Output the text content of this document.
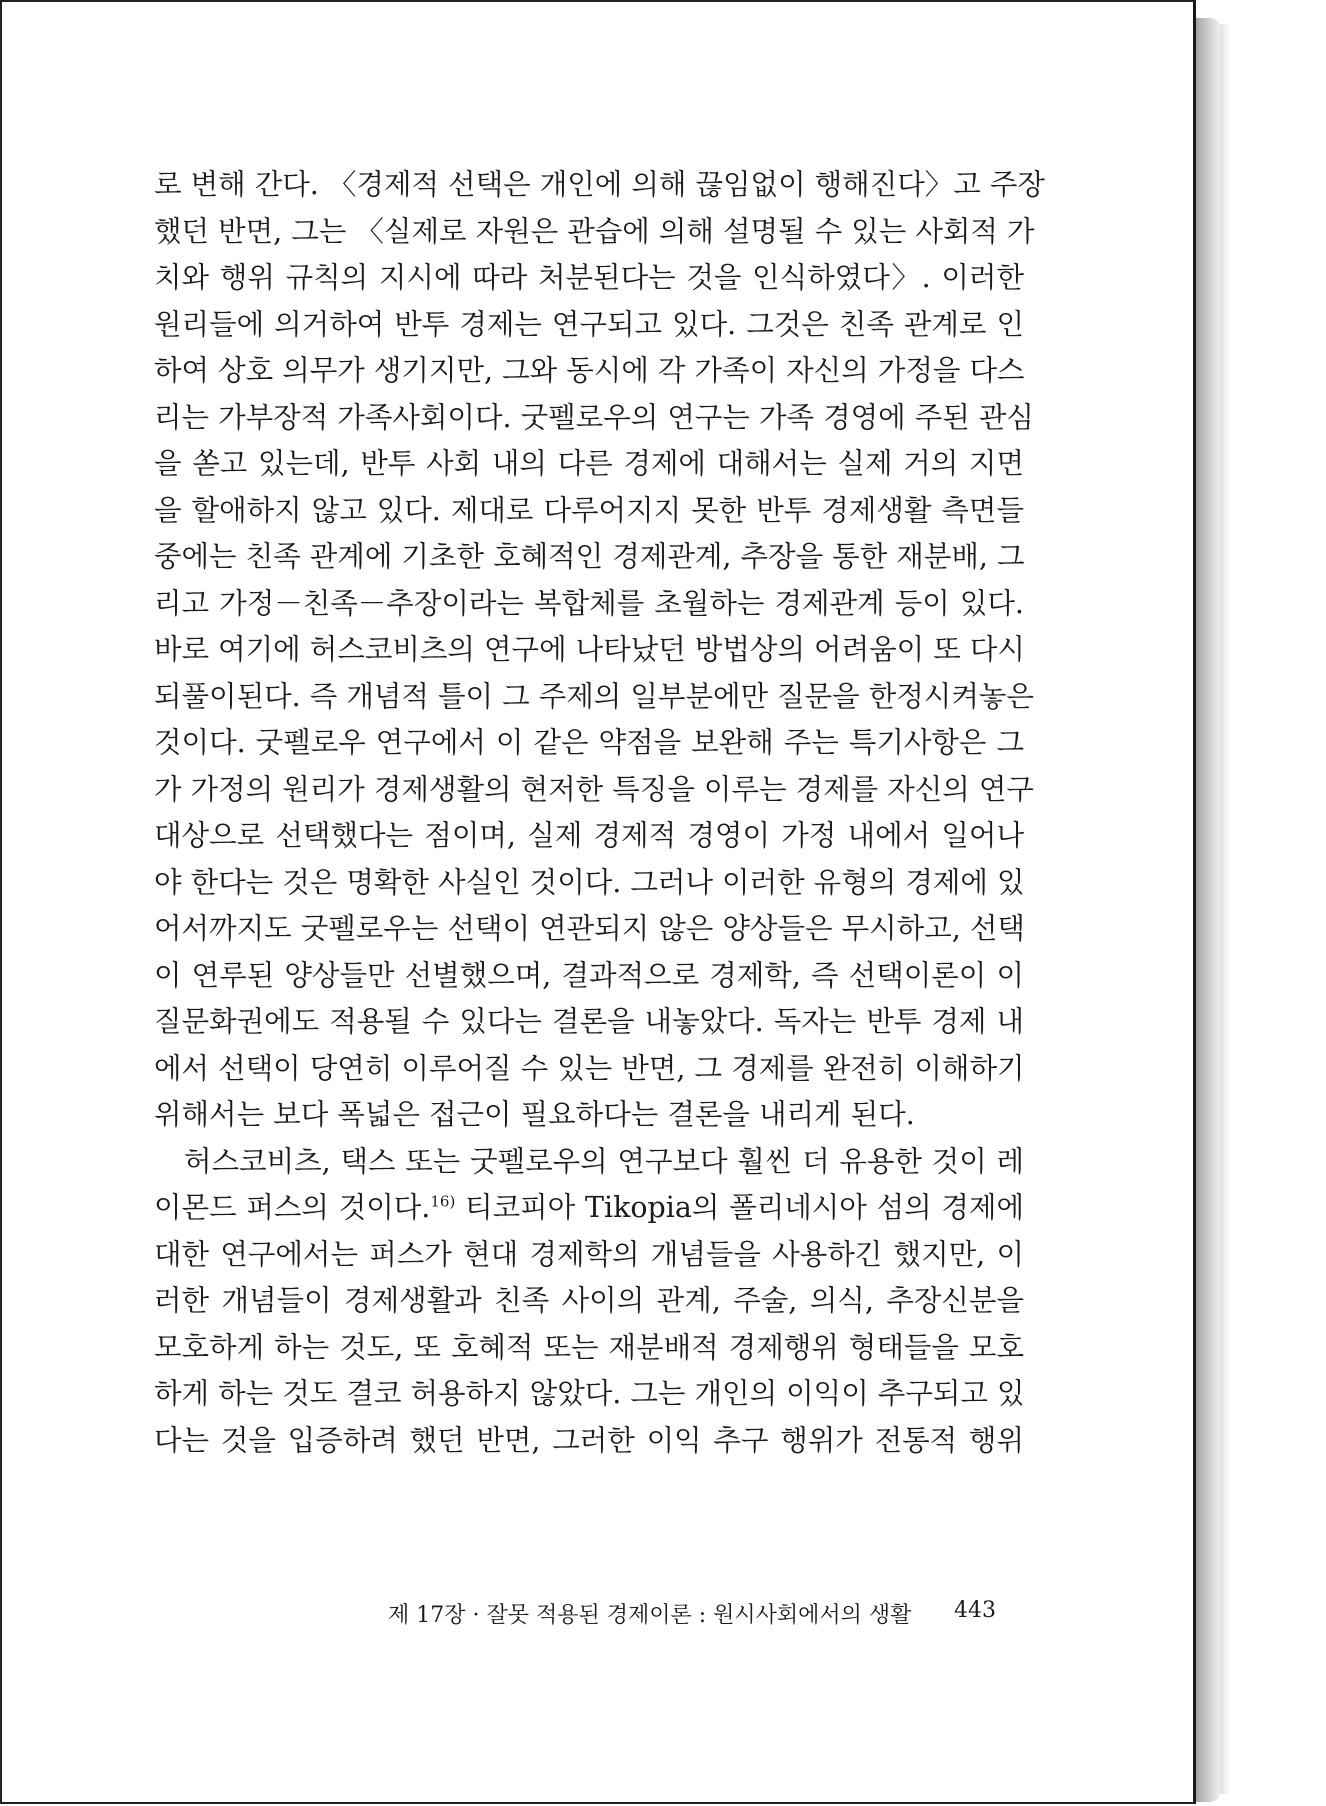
로 변해 간다. 〈경제적 선택은 개인에 의해 끊임없이 행해진다〉고 주장
했던 반면, 그는 〈실제로 자원은 관습에 의해 설명될 수 있는 사회적 가
치와 행위 규칙의 지시에 따라 처분된다는 것을 인식하였다〉. 이러한
원리들에 의거하여 반투 경제는 연구되고 있다. 그것은 친족 관계로 인
하여 상호 의무가 생기지만, 그와 동시에 각 가족이 자신의 가정을 다스
리는 가부장적 가족사회이다. 굿펠로우의 연구는 가족 경영에 주된 관심
을 쏟고 있는데, 반투 사회 내의 다른 경제에 대해서는 실제 거의 지면
을 할애하지 않고 있다. 제대로 다루어지지 못한 반투 경제생활 측면들
중에는 친족 관계에 기초한 호혜적인 경제관계, 추장을 통한 재분배, 그
리고 가정－친족－추장이라는 복합체를 초월하는 경제관계 등이 있다.
바로 여기에 허스코비츠의 연구에 나타났던 방법상의 어려움이 또 다시
되풀이된다. 즉 개념적 틀이 그 주제의 일부분에만 질문을 한정시켜놓은
것이다. 굿펠로우 연구에서 이 같은 약점을 보완해 주는 특기사항은 그
가 가정의 원리가 경제생활의 현저한 특징을 이루는 경제를 자신의 연구
대상으로 선택했다는 점이며, 실제 경제적 경영이 가정 내에서 일어나
야 한다는 것은 명확한 사실인 것이다. 그러나 이러한 유형의 경제에 있
어서까지도 굿펠로우는 선택이 연관되지 않은 양상들은 무시하고, 선택
이 연루된 양상들만 선별했으며, 결과적으로 경제학, 즉 선택이론이 이
질문화권에도 적용될 수 있다는 결론을 내놓았다. 독자는 반투 경제 내
에서 선택이 당연히 이루어질 수 있는 반면, 그 경제를 완전히 이해하기
위해서는 보다 폭넓은 접근이 필요하다는 결론을 내리게 된다.
허스코비츠, 택스 또는 굿펠로우의 연구보다 훨씬 더 유용한 것이 레
이몬드 퍼스의 것이다.$^{16)}$ 티코피아 Tikopia의 폴리네시아 섬의 경제에
대한 연구에서는 퍼스가 현대 경제학의 개념들을 사용하긴 했지만, 이
러한 개념들이 경제생활과 친족 사이의 관계, 주술, 의식, 추장신분을
모호하게 하는 것도, 또 호혜적 또는 재분배적 경제행위 형태들을 모호
하게 하는 것도 결코 허용하지 않았다. 그는 개인의 이익이 추구되고 있
다는 것을 입증하려 했던 반면, 그러한 이익 추구 행위가 전통적 행위
제 17장 · 잘못 적용된 경제이론 : 원시사회에서의 생활 443
